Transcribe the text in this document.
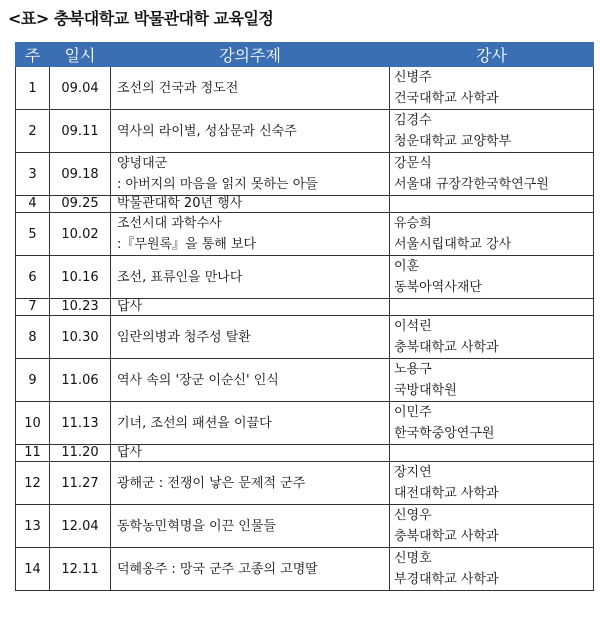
<표> 충북대학교 박물관대학 교육일정
주	일시	강의주제	강사
1	09.04	조선의 건국과 정도전	신병주
건국대학교 사학과

2	09.11	역사의 라이벌, 성삼문과 신숙주	김경수
청운대학교 교양학부

3	09.18	양녕대군
: 아버지의 마음을 읽지 못하는 아들	강문식
서울대 규장각한국학연구원

4	09.25	박물관대학 20년 행사	

5	10.02	조선시대 과학수사
:『무원록』을 통해 보다	유승희
서울시립대학교 강사

6	10.16	조선, 표류인을 만나다	이훈
동북아역사재단

7	10.23	답사	

8	10.30	임란의병과 청주성 탈환	이석린
충북대학교 사학과

9	11.06	역사 속의 '장군 이순신' 인식	노용구
국방대학원

10	11.13	기녀, 조선의 패션을 이끌다	이민주
한국학중앙연구원

11	11.20	답사	

12	11.27	광해군 : 전쟁이 낳은 문제적 군주	장지연
대전대학교 사학과

13	12.04	동학농민혁명을 이끈 인물들	신영우
충북대학교 사학과

14	12.11	덕혜옹주 : 망국 군주 고종의 고명딸	신명호
부경대학교 사학과
